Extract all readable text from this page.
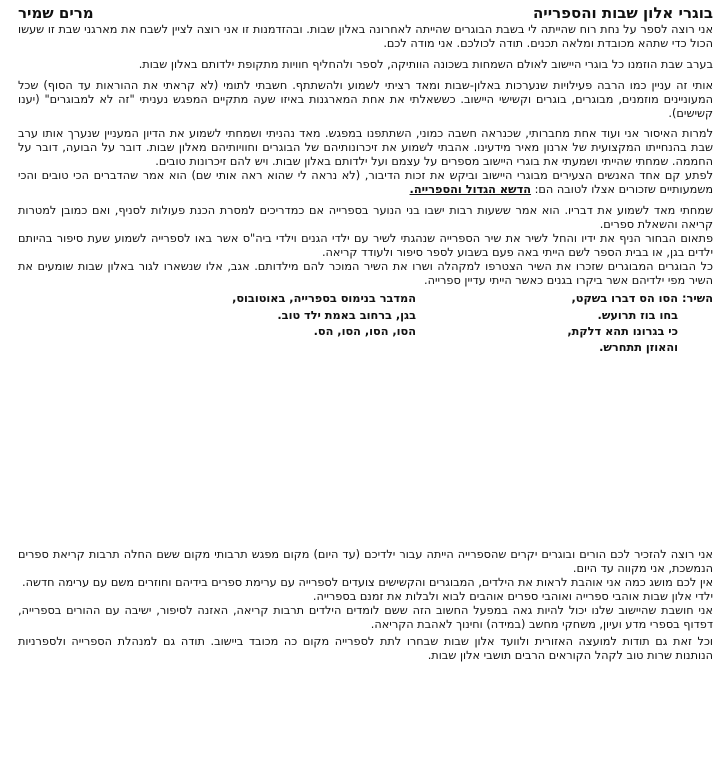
בוגרי אלון שבות והספרייה
מרים שמיר

אני רוצה לספר על נחת רוח שהייתה לי בשבת הבוגרים שהייתה לאחרונה באלון שבות. ובהזדמנות זו אני רוצה לציין לשבח את מארגני שבת זו שעשו הכול כדי שתהא מכובדת ומלאה תכנים. תודה לכולכם. אני מודה לכם.

בערב שבת הוזמנו כל בוגרי היישוב לאולם השמחות בשכונה הוותיקה, לספר ולהחליף חוויות מתקופת ילדותם באלון שבות.

אותי זה עניין כמו הרבה פעילויות שנערכות באלון-שבות ומאד רציתי לשמוע ולהשתתף. חשבתי לתומי (לא קראתי את ההוראות עד הסוף) שכל המעוניינים מוזמנים, מבוגרים, בוגרים וקשישי היישוב. כששאלתי את אחת המארגנות באיזו שעה מתקיים המפגש נעניתי "זה לא למבוגרים" (יענו קשישים).

למרות האיסור אני ועוד אחת מחברותי, שכנראה חשבה כמוני, השתתפנו במפגש. מאד נהניתי ושמחתי לשמוע את הדיון המעניין שנערך אותו ערב שבת בהנחייתו המקצועית של ארנון מאיר מידעינו. אהבתי לשמוע את זיכרונותיהם של הבוגרים וחוויותיהם מאלון שבות. דובר על הבועה, דובר על החממה. שמחתי שהייתי ושמעתי את בוגרי היישוב מספרים על עצמם ועל ילדותם באלון שבות. ויש להם זיכרונות טובים.

לפתע קם אחד האנשים הצעירים מבוגרי היישוב וביקש את זכות הדיבור, (לא נראה לי שהוא ראה אותי שם) הוא אמר שהדברים הכי טובים והכי משמעותיים שזכורים אצלו לטובה הם: הדשא הגדול והספרייה.

שמחתי מאד לשמוע את דבריו. הוא אמר ששעות רבות ישבו בני הנוער בספרייה אם כמדריכים למסרת הכנת פעולות לסניף, ואם כמובן למטרות קריאה והשאלת ספרים.

פתאום הבחור הניף את ידיו והחל לשיר את שיר הספרייה שנהגתי לשיר עם ילדי הגנים וילדי ביה"ס אשר באו לספרייה לשמוע שעת סיפור בהיותם ילדים בגן, או בבית הספר לשם הייתי באה פעם בשבוע לספר סיפור ולעודד קריאה.

כל הבוגרים המבוגרים שזכרו את השיר הצטרפו למקהלה ושרו את השיר המוכר להם מילדותם. אגב, אלו שנשארו לגור באלון שבות שומעים את השיר מפי ילדיהם אשר ביקרו בגנים כאשר הייתי עדיין ספרייה.

השיר:
הסו הס דברו בשקט,
בחו בוז תרועש.
כי בגרונו תהא דלקת,
והאוזן תתחרש.
המדבר בנימוס בספרייה, באוטובוס,
בגן, ברחוב באמת ילד טוב.
הסו, הסו, הסו, הס.

אני רוצה להזכיר לכם הורים ובוגרים יקרים שהספרייה הייתה עבור ילדיכם (עד היום) מקום מפגש תרבותי מקום ששם החלה תרבות קריאת ספרים הנמשכת, אני מקווה עד היום.

אין לכם מושג כמה אני אוהבת לראות את הילדים, המבוגרים והקשישים צועדים לספרייה עם ערימת ספרים בידיהם וחוזרים משם עם ערימה חדשה.

ילדי אלון שבות אוהבי ספרייה ואוהבי ספרים אוהבים לבוא ולבלות את זמנם בספרייה.

אני חושבת שהיישוב שלנו יכול להיות גאה במפעל החשוב הזה ששם לומדים הילדים תרבות קריאה, האזנה לסיפור, ישיבה עם ההורים בספרייה, דפדוף בספרי מדע ועיון, משחקי מחשב (במידה) וחינוך לאהבת הקריאה.

וכל זאת גם תודות למועצה האזורית ולוועד אלון שבות שבחרו לתת לספרייה מקום כה מכובד ביישוב. תודה גם למנהלת הספרייה ולספרניות הנותנות שרות טוב לקהל הקוראים הרבים תושבי אלון שבות.
